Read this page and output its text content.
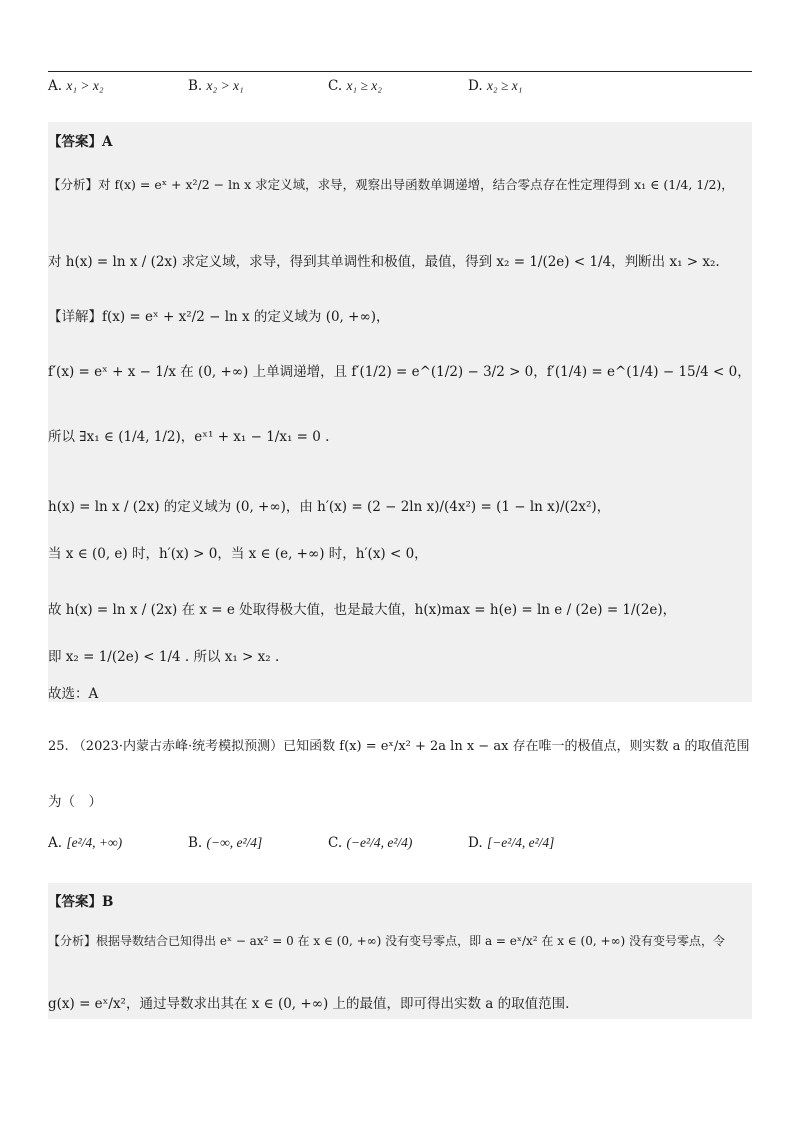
A. x₁ > x₂	B. x₂ > x₁	C. x₁ ≥ x₂	D. x₂ ≥ x₁
【答案】A
【分析】对 f(x) = eˣ + x²/2 − ln x 求定义域，求导，观察出导函数单调递增，结合零点存在性定理得到 x₁ ∈ (1/4, 1/2)，
对 h(x) = ln x / (2x) 求定义域，求导，得到其单调性和极值，最值，得到 x₂ = 1/(2e) < 1/4，判断出 x₁ > x₂.
【详解】f(x) = eˣ + x²/2 − ln x 的定义域为 (0, +∞)，
f′(x) = eˣ + x − 1/x 在 (0, +∞) 上单调递增，且 f′(1/2) = e^(1/2) − 3/2 > 0，f′(1/4) = e^(1/4) − 15/4 < 0，
所以 ∃x₁ ∈ (1/4, 1/2)，eˣ¹ + x₁ − 1/x₁ = 0 .
h(x) = ln x / (2x) 的定义域为 (0, +∞)，由 h′(x) = (2 − 2ln x)/(4x²) = (1 − ln x)/(2x²)，
当 x ∈ (0, e) 时，h′(x) > 0，当 x ∈ (e, +∞) 时，h′(x) < 0，
故 h(x) = ln x / (2x) 在 x = e 处取得极大值，也是最大值，h(x)max = h(e) = ln e / (2e) = 1/(2e)，
即 x₂ = 1/(2e) < 1/4 . 所以 x₁ > x₂ .
故选：A
25. （2023·内蒙古赤峰·统考模拟预测）已知函数 f(x) = eˣ/x² + 2a ln x − ax 存在唯一的极值点，则实数 a 的取值范围
为（　）
A. [e²/4, +∞)	B. (−∞, e²/4]	C. (−e²/4, e²/4)	D. [−e²/4, e²/4]
【答案】B
【分析】根据导数结合已知得出 eˣ − ax² = 0 在 x ∈ (0, +∞) 没有变号零点，即 a = eˣ/x² 在 x ∈ (0, +∞) 没有变号零点，令
g(x) = eˣ/x²，通过导数求出其在 x ∈ (0, +∞) 上的最值，即可得出实数 a 的取值范围.
